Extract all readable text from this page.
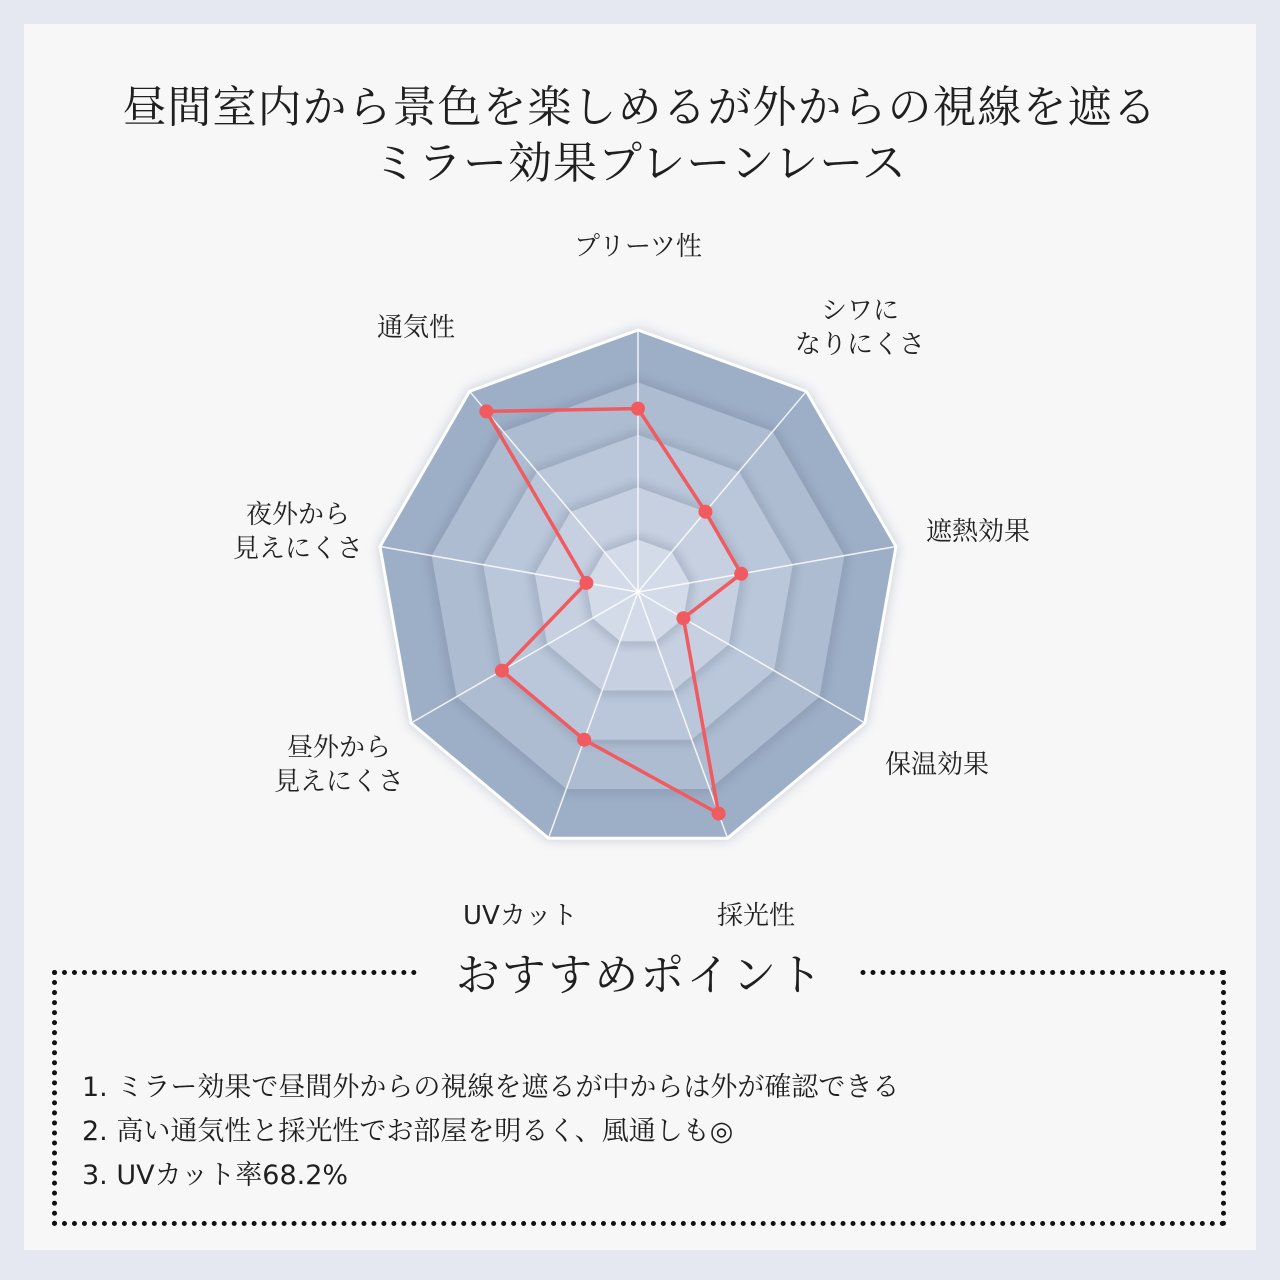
昼間室内から景色を楽しめるが外からの視線を遮る
ミラー効果プレーンレース
プリーツ性
シワに
なりにくさ
遮熱効果
保温効果
採光性
UVカット
昼外から
見えにくさ
夜外から
見えにくさ
通気性
おすすめポイント
1. ミラー効果で昼間外からの視線を遮るが中からは外が確認できる
2. 高い通気性と採光性でお部屋を明るく、風通しも◎
3. UVカット率68.2%
